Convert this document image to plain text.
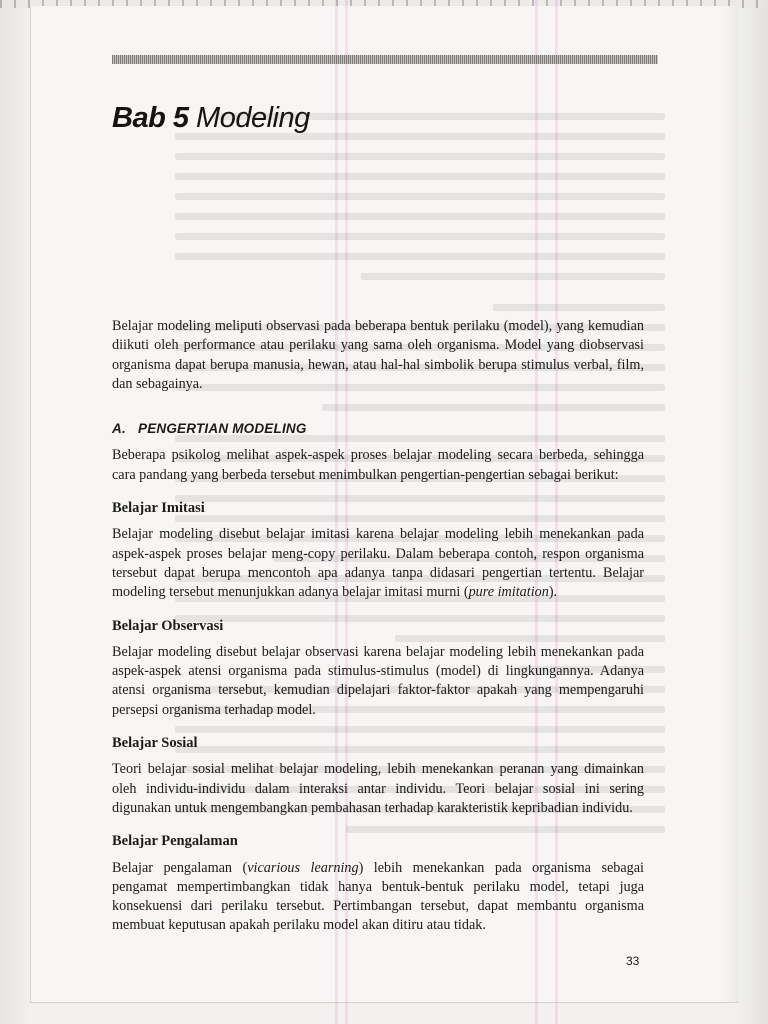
Bab 5 Modeling

Belajar modeling meliputi observasi pada beberapa bentuk perilaku (model), yang kemudian diikuti oleh performance atau perilaku yang sama oleh organisma. Model yang diobservasi organisma dapat berupa manusia, hewan, atau hal-hal simbolik berupa stimulus verbal, film, dan sebagainya.

A. PENGERTIAN MODELING

Beberapa psikolog melihat aspek-aspek proses belajar modeling secara berbeda, sehingga cara pandang yang berbeda tersebut menimbulkan pengertian-pengertian sebagai berikut:

Belajar Imitasi

Belajar modeling disebut belajar imitasi karena belajar modeling lebih menekankan pada aspek-aspek proses belajar meng-copy perilaku. Dalam beberapa contoh, respon organisma tersebut dapat berupa mencontoh apa adanya tanpa didasari pengertian tertentu. Belajar modeling tersebut menunjukkan adanya belajar imitasi murni (pure imitation).

Belajar Observasi

Belajar modeling disebut belajar observasi karena belajar modeling lebih menekankan pada aspek-aspek atensi organisma pada stimulus-stimulus (model) di lingkungannya. Adanya atensi organisma tersebut, kemudian dipelajari faktor-faktor apakah yang mempengaruhi persepsi organisma terhadap model.

Belajar Sosial

Teori belajar sosial melihat belajar modeling, lebih menekankan peranan yang dimainkan oleh individu-individu dalam interaksi antar individu. Teori belajar sosial ini sering digunakan untuk mengembangkan pembahasan terhadap karakteristik kepribadian individu.

Belajar Pengalaman

Belajar pengalaman (vicarious learning) lebih menekankan pada organisma sebagai pengamat mempertimbangkan tidak hanya bentuk-bentuk perilaku model, tetapi juga konsekuensi dari perilaku tersebut. Pertimbangan tersebut, dapat membantu organisma membuat keputusan apakah perilaku model akan ditiru atau tidak.

33
